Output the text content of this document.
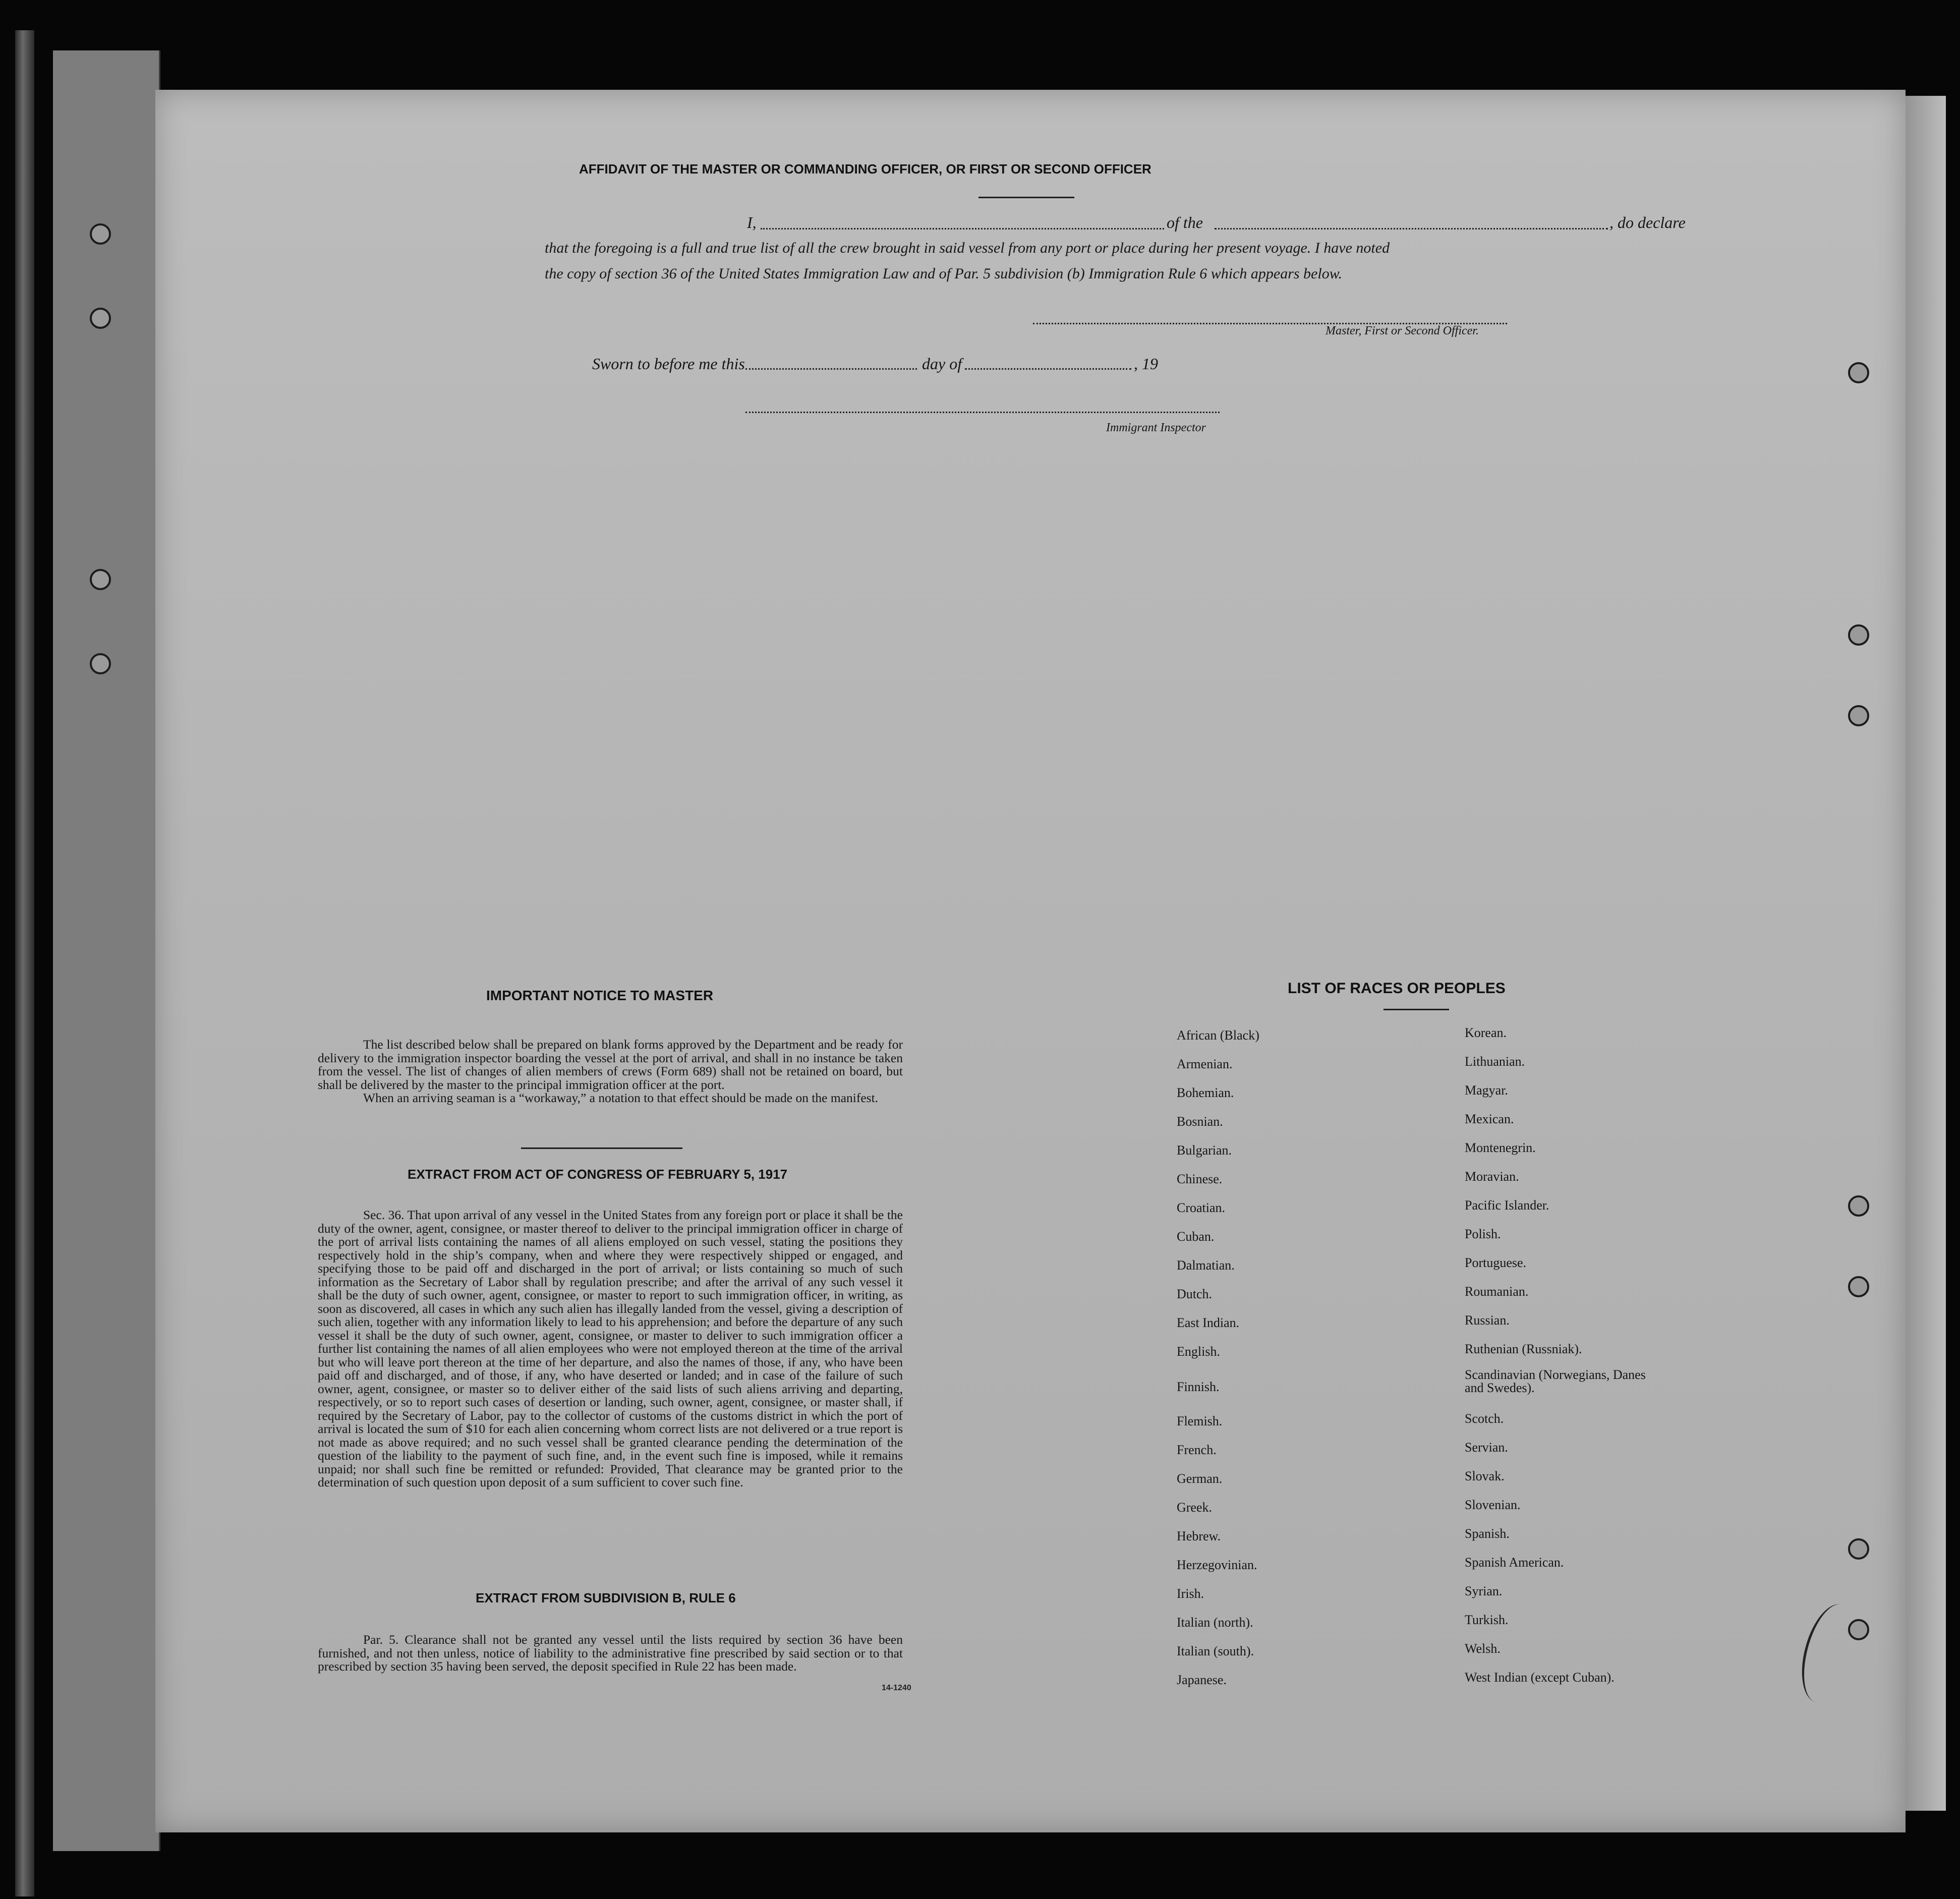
AFFIDAVIT OF THE MASTER OR COMMANDING OFFICER, OR FIRST OR SECOND OFFICER
I,	of the	, do declare
that the foregoing is a full and true list of all the crew brought in said vessel from any port or place during her present voyage. I have noted
the copy of section 36 of the United States Immigration Law and of Par. 5 subdivision (b) Immigration Rule 6 which appears below.
Master, First or Second Officer.
Sworn to before me this	day of	, 19
Immigrant Inspector
IMPORTANT NOTICE TO MASTER

The list described below shall be prepared on blank forms approved by the Department and be ready for delivery to the immigration inspector boarding the vessel at the port of arrival, and shall in no instance be taken from the vessel. The list of changes of alien members of crews (Form 689) shall not be retained on board, but shall be delivered by the master to the principal immigration officer at the port.

When an arriving seaman is a “workaway,” a notation to that effect should be made on the manifest.

EXTRACT FROM ACT OF CONGRESS OF FEBRUARY 5, 1917

Sec. 36. That upon arrival of any vessel in the United States from any foreign port or place it shall be the duty of the owner, agent, consignee, or master thereof to deliver to the principal immigration officer in charge of the port of arrival lists containing the names of all aliens employed on such vessel, stating the positions they respectively hold in the ship’s company, when and where they were respectively shipped or engaged, and specifying those to be paid off and discharged in the port of arrival; or lists containing so much of such information as the Secretary of Labor shall by regulation prescribe; and after the arrival of any such vessel it shall be the duty of such owner, agent, consignee, or master to report to such immigration officer, in writing, as soon as discovered, all cases in which any such alien has illegally landed from the vessel, giving a description of such alien, together with any information likely to lead to his apprehension; and before the departure of any such vessel it shall be the duty of such owner, agent, consignee, or master to deliver to such immigration officer a further list containing the names of all alien employees who were not employed thereon at the time of the arrival but who will leave port thereon at the time of her departure, and also the names of those, if any, who have been paid off and discharged, and of those, if any, who have deserted or landed; and in case of the failure of such owner, agent, consignee, or master so to deliver either of the said lists of such aliens arriving and departing, respectively, or so to report such cases of desertion or landing, such owner, agent, consignee, or master shall, if required by the Secretary of Labor, pay to the collector of customs of the customs district in which the port of arrival is located the sum of $10 for each alien concerning whom correct lists are not delivered or a true report is not made as above required; and no such vessel shall be granted clearance pending the determination of the question of the liability to the payment of such fine, and, in the event such fine is imposed, while it remains unpaid; nor shall such fine be remitted or refunded: Provided, That clearance may be granted prior to the determination of such question upon deposit of a sum sufficient to cover such fine.

EXTRACT FROM SUBDIVISION B, RULE 6

Par. 5. Clearance shall not be granted any vessel until the lists required by section 36 have been furnished, and not then unless, notice of liability to the administrative fine prescribed by said section or to that prescribed by section 35 having been served, the deposit specified in Rule 22 has been made.

14-1240
LIST OF RACES OR PEOPLES
African (Black)
Armenian.
Bohemian.
Bosnian.
Bulgarian.
Chinese.
Croatian.
Cuban.
Dalmatian.
Dutch.
East Indian.
English.
Finnish.
Flemish.
French.
German.
Greek.
Hebrew.
Herzegovinian.
Irish.
Italian (north).
Italian (south).
Japanese.
Korean.
Lithuanian.
Magyar.
Mexican.
Montenegrin.
Moravian.
Pacific Islander.
Polish.
Portuguese.
Roumanian.
Russian.
Ruthenian (Russniak).
Scandinavian (Norwegians, Danes and Swedes).
Scotch.
Servian.
Slovak.
Slovenian.
Spanish.
Spanish American.
Syrian.
Turkish.
Welsh.
West Indian (except Cuban).
